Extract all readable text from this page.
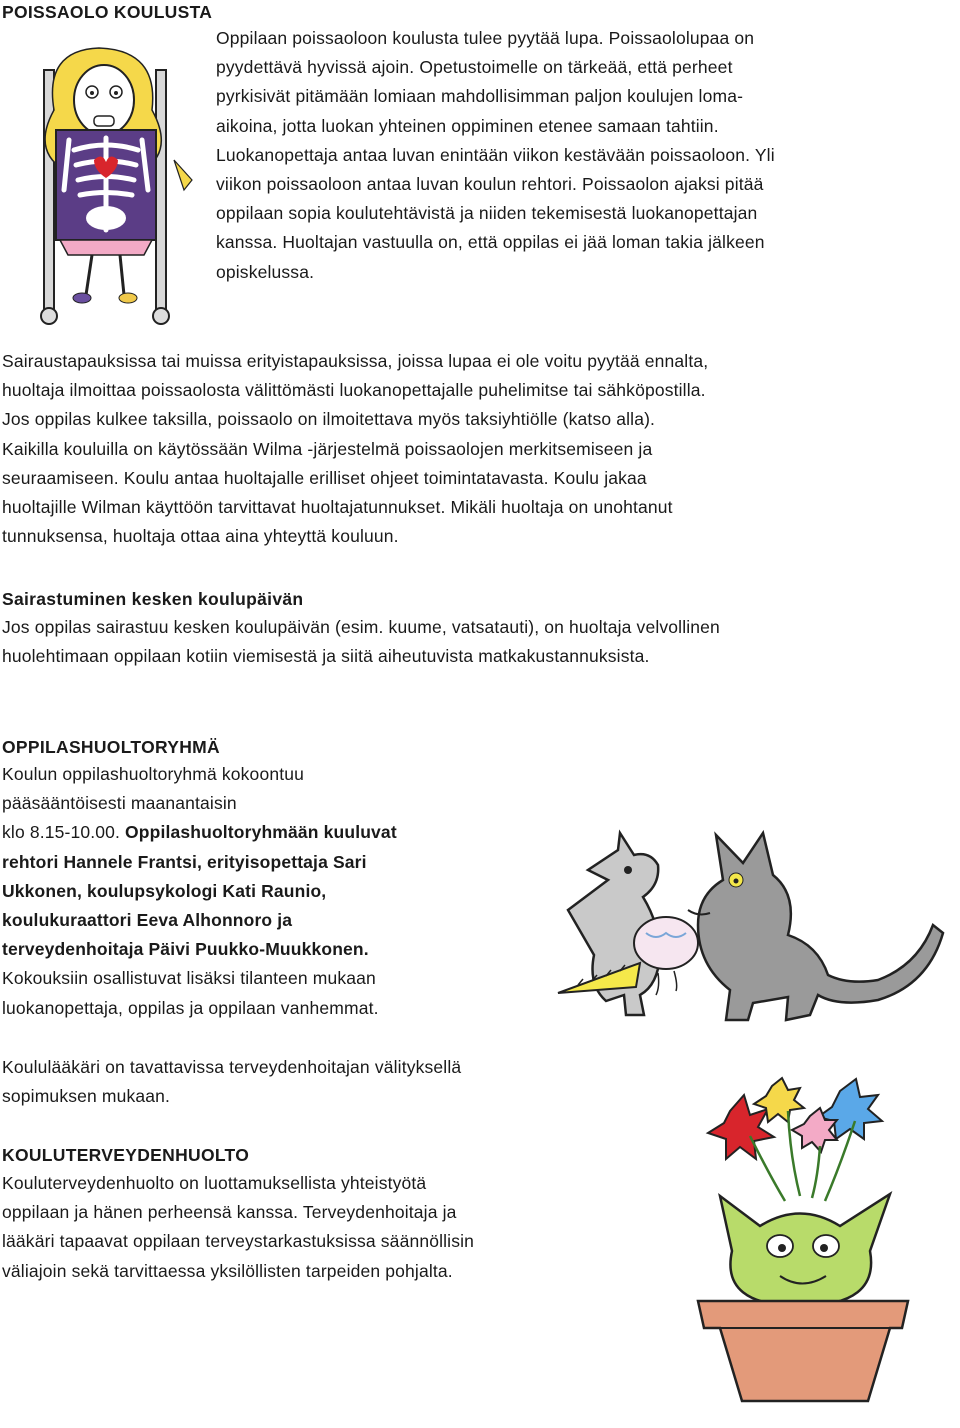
POISSAOLO KOULUSTA

Oppilaan poissaoloon koulusta tulee pyytää lupa. Poissaololupaa on

pyydettävä hyvissä ajoin. Opetustoimelle on tärkeää, että perheet

pyrkisivät pitämään lomiaan mahdollisimman paljon koulujen loma-

aikoina, jotta luokan yhteinen oppiminen etenee samaan tahtiin.

Luokanopettaja antaa luvan enintään viikon kestävään poissaoloon. Yli

viikon poissaoloon antaa luvan koulun rehtori. Poissaolon ajaksi pitää

oppilaan sopia koulutehtävistä ja niiden tekemisestä luokanopettajan

kanssa. Huoltajan vastuulla on, että oppilas ei jää loman takia jälkeen

opiskelussa.

Sairaustapauksissa tai muissa erityistapauksissa, joissa lupaa ei ole voitu pyytää ennalta,

huoltaja ilmoittaa poissaolosta välittömästi luokanopettajalle puhelimitse tai sähköpostilla.

Jos oppilas kulkee taksilla, poissaolo on ilmoitettava myös taksiyhtiölle (katso alla).

Kaikilla kouluilla on käytössään Wilma -järjestelmä poissaolojen merkitsemiseen ja

seuraamiseen. Koulu antaa huoltajalle erilliset ohjeet toimintatavasta. Koulu jakaa

huoltajille Wilman käyttöön tarvittavat huoltajatunnukset. Mikäli huoltaja on unohtanut

tunnuksensa, huoltaja ottaa aina yhteyttä kouluun.

Sairastuminen kesken koulupäivän

Jos oppilas sairastuu kesken koulupäivän (esim. kuume, vatsatauti), on huoltaja velvollinen

huolehtimaan oppilaan kotiin viemisestä ja siitä aiheutuvista matkakustannuksista.

OPPILASHUOLTORYHMÄ

Koulun oppilashuoltoryhmä kokoontuu

pääsääntöisesti maanantaisin

klo 8.15-10.00. Oppilashuoltoryhmään kuuluvat

rehtori Hannele Frantsi, erityisopettaja Sari

Ukkonen, koulupsykologi Kati Raunio,

koulukuraattori Eeva Alhonnoro ja

terveydenhoitaja Päivi Puukko-Muukkonen.

Kokouksiin osallistuvat lisäksi tilanteen mukaan

luokanopettaja, oppilas ja oppilaan vanhemmat.

Koululääkäri on tavattavissa terveydenhoitajan välityksellä

sopimuksen mukaan.

KOULUTERVEYDENHUOLTO

Kouluterveydenhuolto on luottamuksellista yhteistyötä

oppilaan ja hänen perheensä kanssa. Terveydenhoitaja ja

lääkäri tapaavat oppilaan terveystarkastuksissa säännöllisin

väliajoin sekä tarvittaessa yksilöllisten tarpeiden pohjalta.
